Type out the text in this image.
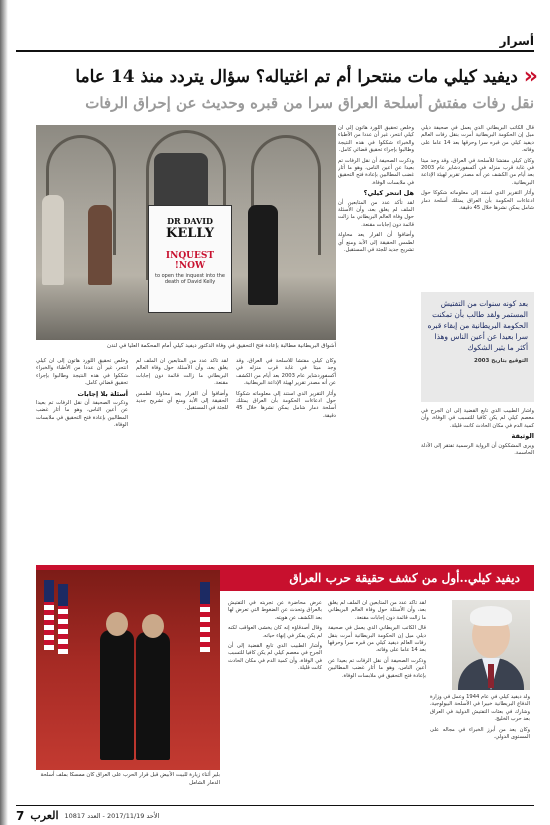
أسرار
«
ديفيد كيلي مات منتحرا أم تم اغتياله؟ سؤال يتردد منذ 14 عاما
نقل رفات مفتش أسلحة العراق سرا من قبره وحديث عن إحراق الرفات
DR DAVID
KELLY
INQUEST
NOW!
to open the inquest into the death of David Kelly
أشواق البريطانية مطالبة بإعادة فتح التحقيق في وفاة الدكتور ديفيد كيلي أمام المحكمة العليا في لندن

قال الكاتب البريطاني الذي يعمل في صحيفة ديلي ميل إن الحكومة البريطانية أمرت بنقل رفات العالم ديفيد كيلي من قبره سرا وحرقها بعد 14 عاما على وفاته.

وكان كيلي مفتشا للأسلحة في العراق، وقد وجد ميتا في غابة قرب منزله في أكسفوردشاير عام 2003 بعد أيام من الكشف عن أنه مصدر تقرير لهيئة الإذاعة البريطانية.

وأثار التقرير الذي استند إلى معلوماته شكوكا حول ادعاءات الحكومة بأن العراق يمتلك أسلحة دمار شامل يمكن نشرها خلال 45 دقيقة.

وخلص تحقيق اللورد هاتون إلى أن كيلي انتحر، غير أن عددا من الأطباء والخبراء شككوا في هذه النتيجة وطالبوا بإجراء تحقيق قضائي كامل.

وذكرت الصحيفة أن نقل الرفات تم بعيدا عن أعين الناس، وهو ما أثار غضب المطالبين بإعادة فتح التحقيق في ملابسات الوفاة.

هل انتحر كيلي؟

لقد تأكد عدد من المتابعين أن الملف لم يغلق بعد، وأن الأسئلة حول وفاة العالم البريطاني ما زالت قائمة دون إجابات مقنعة.

وأضافوا أن القرار يعد محاولة لطمس الحقيقة إلى الأبد ومنع أي تشريح جديد للجثة في المستقبل.

بعد كونه سنوات من التفتيش المستمر ولقد طالب بأن تمكنت الحكومة البريطانية من إبقاء قبره سرا بعيدا عن أعين الناس وهذا أكثر ما يثير الشكوك
التوقيع بتاريخ 2003

وأشار الطبيب الذي تابع القضية إلى أن الجرح في معصم كيلي لم يكن كافيا للتسبب في الوفاة، وأن كمية الدم في مكان الحادث كانت قليلة.

الوثيقة

ويرى المشككون أن الرواية الرسمية تفتقر إلى الأدلة الحاسمة.

وخلص تحقيق اللورد هاتون إلى أن كيلي انتحر، غير أن عددا من الأطباء والخبراء شككوا في هذه النتيجة وطالبوا بإجراء تحقيق قضائي كامل.

أسئلة بلا إجابات

وذكرت الصحيفة أن نقل الرفات تم بعيدا عن أعين الناس، وهو ما أثار غضب المطالبين بإعادة فتح التحقيق في ملابسات الوفاة.

لقد تأكد عدد من المتابعين أن الملف لم يغلق بعد، وأن الأسئلة حول وفاة العالم البريطاني ما زالت قائمة دون إجابات مقنعة.

وأضافوا أن القرار يعد محاولة لطمس الحقيقة إلى الأبد ومنع أي تشريح جديد للجثة في المستقبل.

وكان كيلي مفتشا للأسلحة في العراق، وقد وجد ميتا في غابة قرب منزله في أكسفوردشاير عام 2003 بعد أيام من الكشف عن أنه مصدر تقرير لهيئة الإذاعة البريطانية.

وأثار التقرير الذي استند إلى معلوماته شكوكا حول ادعاءات الحكومة بأن العراق يمتلك أسلحة دمار شامل يمكن نشرها خلال 45 دقيقة.

ديفيد كيلي..أول من كشف حقيقة حرب العراق
بلير أثناء زيارة للبيت الأبيض قبل قرار الحرب على العراق كان ممسكا بملف أسلحة الدمار الشامل

عرض محاضرة عن تجربته في التفتيش بالعراق وتحدث عن الضغوط التي تعرض لها بعد الكشف عن هويته.

وقال أصدقاؤه إنه كان يخشى العواقب لكنه لم يكن يفكر في إنهاء حياته.

وأشار الطبيب الذي تابع القضية إلى أن الجرح في معصم كيلي لم يكن كافيا للتسبب في الوفاة، وأن كمية الدم في مكان الحادث كانت قليلة.

لقد تأكد عدد من المتابعين أن الملف لم يغلق بعد، وأن الأسئلة حول وفاة العالم البريطاني ما زالت قائمة دون إجابات مقنعة.

قال الكاتب البريطاني الذي يعمل في صحيفة ديلي ميل إن الحكومة البريطانية أمرت بنقل رفات العالم ديفيد كيلي من قبره سرا وحرقها بعد 14 عاما على وفاته.

وذكرت الصحيفة أن نقل الرفات تم بعيدا عن أعين الناس، وهو ما أثار غضب المطالبين بإعادة فتح التحقيق في ملابسات الوفاة.

ولد ديفيد كيلي في عام 1944 وعمل في وزارة الدفاع البريطانية خبيرا في الأسلحة البيولوجية، وشارك في بعثات التفتيش الدولية في العراق بعد حرب الخليج.

وكان يعد من أبرز الخبراء في مجاله على المستوى الدولي.

7 العرب الأحد 2017/11/19 - العدد 10817
